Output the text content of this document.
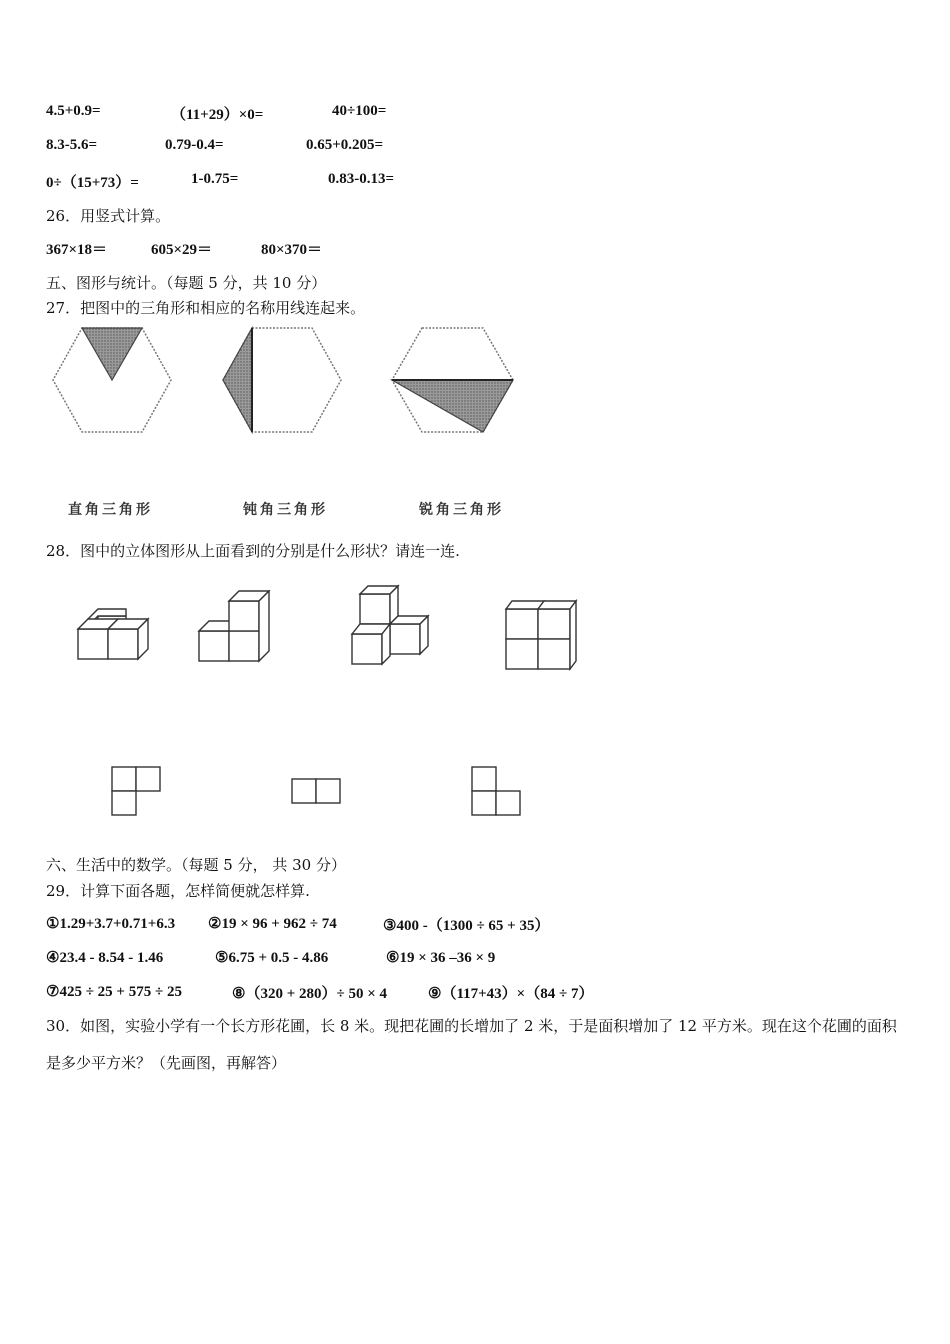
4.5+0.9=	（11+29）×0=	40÷100=
8.3-5.6=	0.79-0.4=	0.65+0.205=
0÷（15+73）=	1-0.75=	0.83-0.13=
26．用竖式计算。
367×18＝	605×29＝	80×370＝
五、图形与统计。（每题 5 分，共 10 分）
27．把图中的三角形和相应的名称用线连起来。
直角三角形	钝角三角形	锐角三角形
28．图中的立体图形从上面看到的分别是什么形状？请连一连.
六、生活中的数学。（每题 5 分， 共 30 分）
29．计算下面各题，怎样简便就怎样算.
①1.29+3.7+0.71+6.3 ②19 × 96 + 962 ÷ 74	③400 -（1300 ÷ 65 + 35）
④23.4 - 8.54 - 1.46	⑤6.75 + 0.5 - 4.86	⑥19 × 36 –36 × 9
⑦425 ÷ 25 + 575 ÷ 25	⑧（320 + 280）÷ 50 × 4	⑨（117+43）×（84 ÷ 7）
30．如图，实验小学有一个长方形花圃，长 8 米。现把花圃的长增加了 2 米，于是面积增加了 12 平方米。现在这个花圃的面积是多少平方米？（先画图，再解答）
